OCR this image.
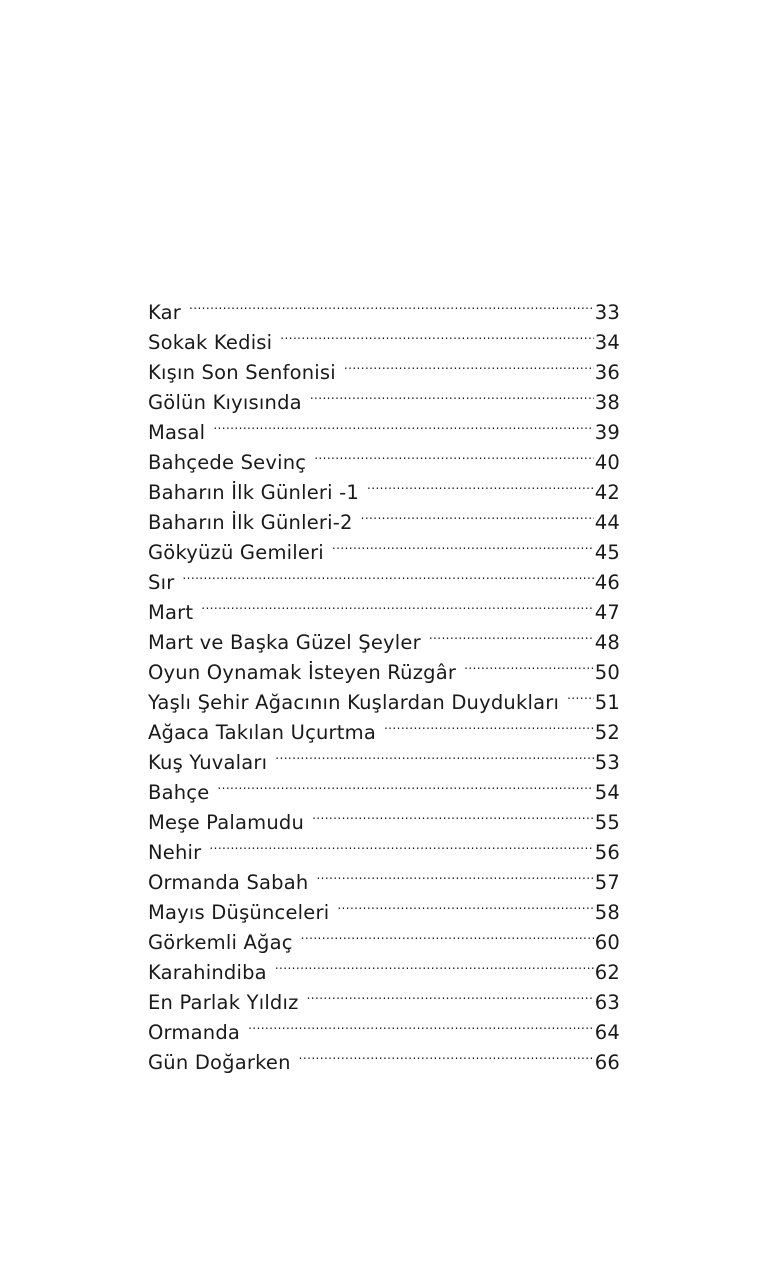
Kar .....	33
Sokak Kedisi .....	34
Kışın Son Senfonisi .....	36
Gölün Kıyısında .....	38
Masal .....	39
Bahçede Sevinç .....	40
Baharın İlk Günleri -1 .....	42
Baharın İlk Günleri-2 .....	44
Gökyüzü Gemileri .....	45
Sır .....	46
Mart .....	47
Mart ve Başka Güzel Şeyler .....	48
Oyun Oynamak İsteyen Rüzgâr .....	50
Yaşlı Şehir Ağacının Kuşlardan Duydukları .....	51
Ağaca Takılan Uçurtma .....	52
Kuş Yuvaları .....	53
Bahçe .....	54
Meşe Palamudu .....	55
Nehir .....	56
Ormanda Sabah .....	57
Mayıs Düşünceleri .....	58
Görkemli Ağaç .....	60
Karahindiba .....	62
En Parlak Yıldız .....	63
Ormanda .....	64
Gün Doğarken .....	66
